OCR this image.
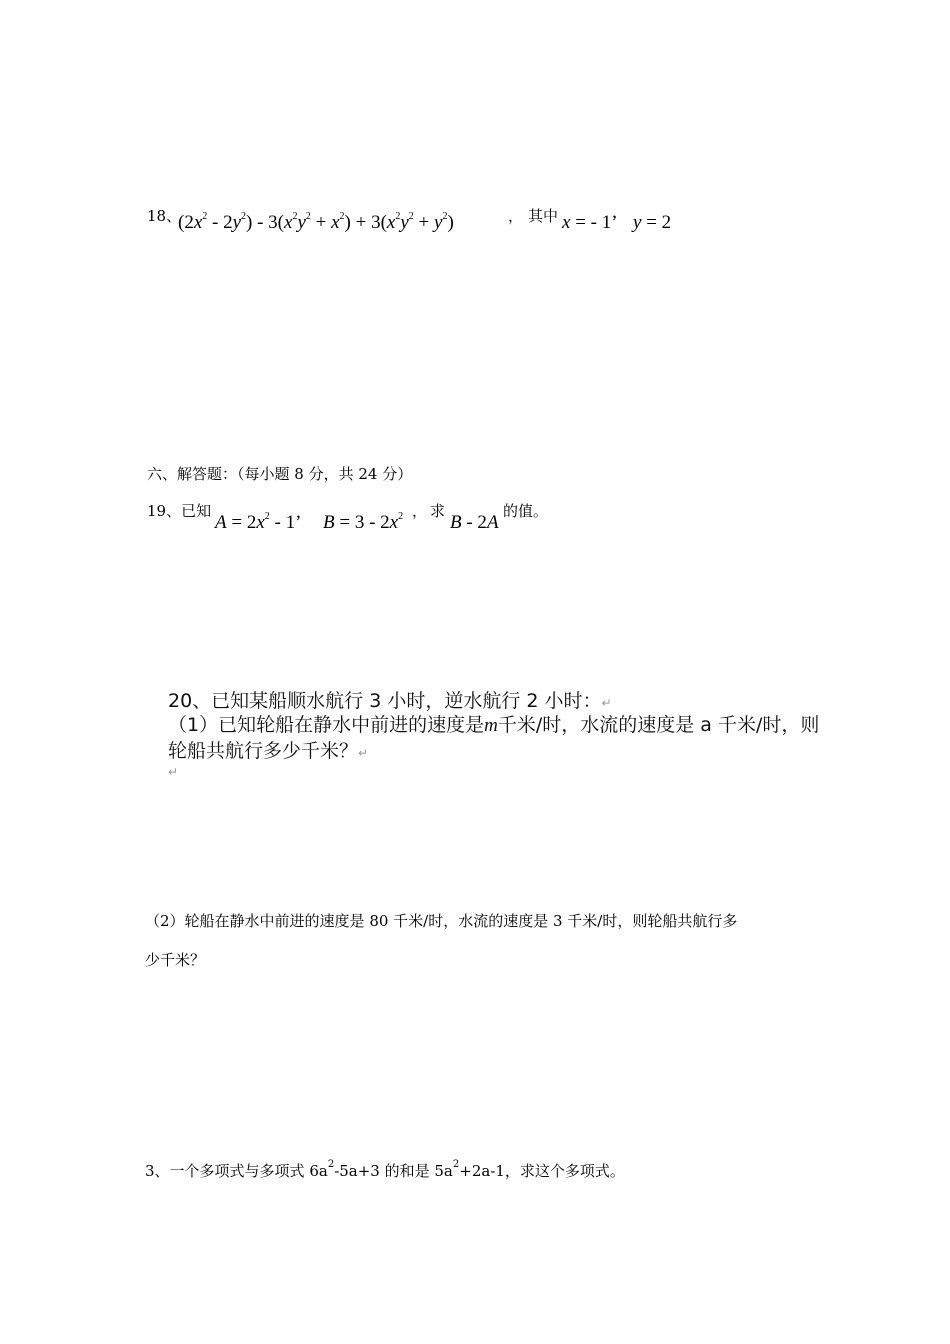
18、
$(2x^2 - 2y^2) - 3(x^2y^2 + x^2) + 3(x^2y^2 + y^2)$	， 其中 x = - 1’ y = 2
六、解答题：（每小题 8 分，共 24 分）
19、已知
$A = 2x^2 - 1$’ $B = 3 - 2x^2$ ， 求
B - 2A
的值。
20、已知某船顺水航行 3 小时，逆水航行 2 小时：↵
（1）已知轮船在静水中前进的速度是m千米/时，水流的速度是 a 千米/时，则
轮船共航行多少千米？↵
↵
（2）轮船在静水中前进的速度是 80 千米/时，水流的速度是 3 千米/时，则轮船共航行多
少千米？
3、一个多项式与多项式 $6a^2-5a+3$ 的和是 $5a^2+2a-1$，求这个多项式。
